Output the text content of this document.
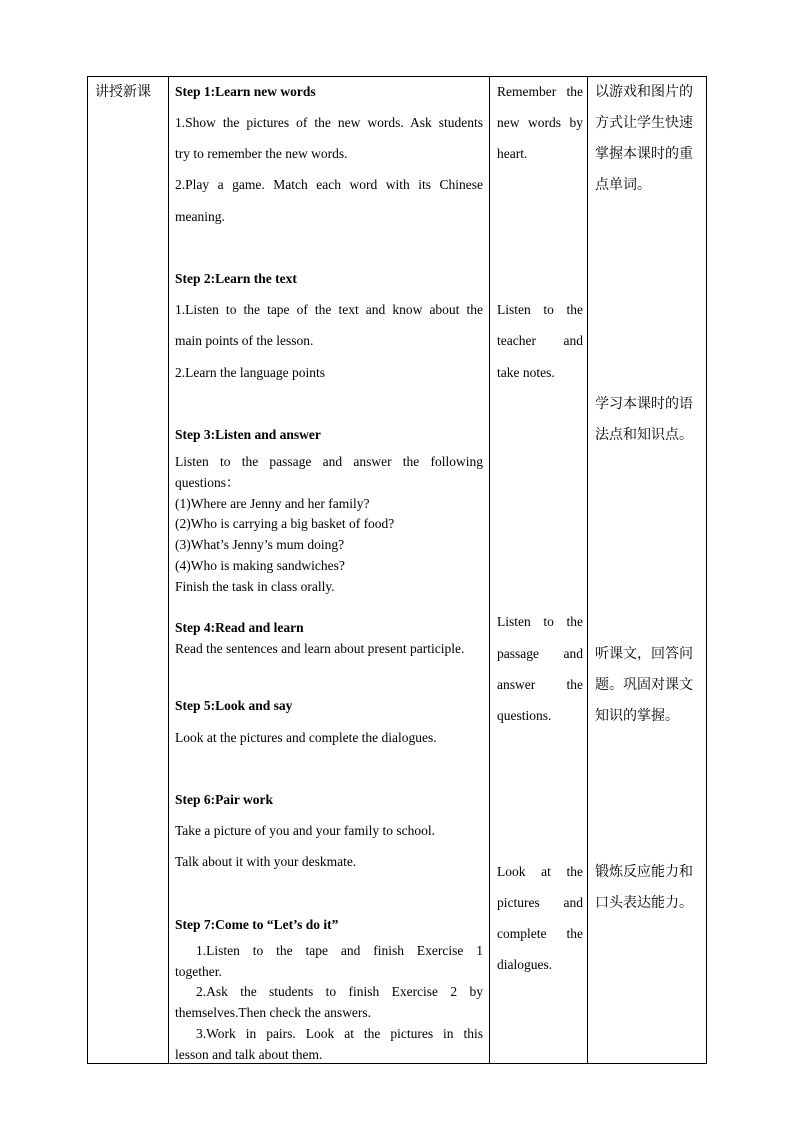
讲授新课 Step 1:Learn new words
1.Show the pictures of the new words. Ask students
try to remember the new words.
2.Play a game. Match each word with its Chinese
meaning.
Step 2:Learn the text
1.Listen to the tape of the text and know about the
main points of the lesson.
2.Learn the language points
Step 3:Listen and answer
Listen to the passage and answer the following
questions：
(1)Where are Jenny and her family?
(2)Who is carrying a big basket of food?
(3)What’s Jenny’s mum doing?
(4)Who is making sandwiches?
Finish the task in class orally.
Step 4:Read and learn
Read the sentences and learn about present participle.
Step 5:Look and say
Look at the pictures and complete the dialogues.
Step 6:Pair work
Take a picture of you and your family to school.
Talk about it with your deskmate.
Step 7:Come to “Let’s do it”
1.Listen to the tape and finish Exercise 1
together.
2.Ask the students to finish Exercise 2 by
themselves.Then check the answers.
3.Work in pairs. Look at the pictures in this
lesson and talk about them.
Remember the
new words by
heart.
Listen to the
teacher and
take notes.
Listen to the
passage and
answer the
questions.
Look at the
pictures and
complete the
dialogues.
以游戏和图片的
方式让学生快速
掌握本课时的重
点单词。
学习本课时的语
法点和知识点。
听课文，回答问
题。巩固对课文
知识的掌握。
锻炼反应能力和
口头表达能力。
